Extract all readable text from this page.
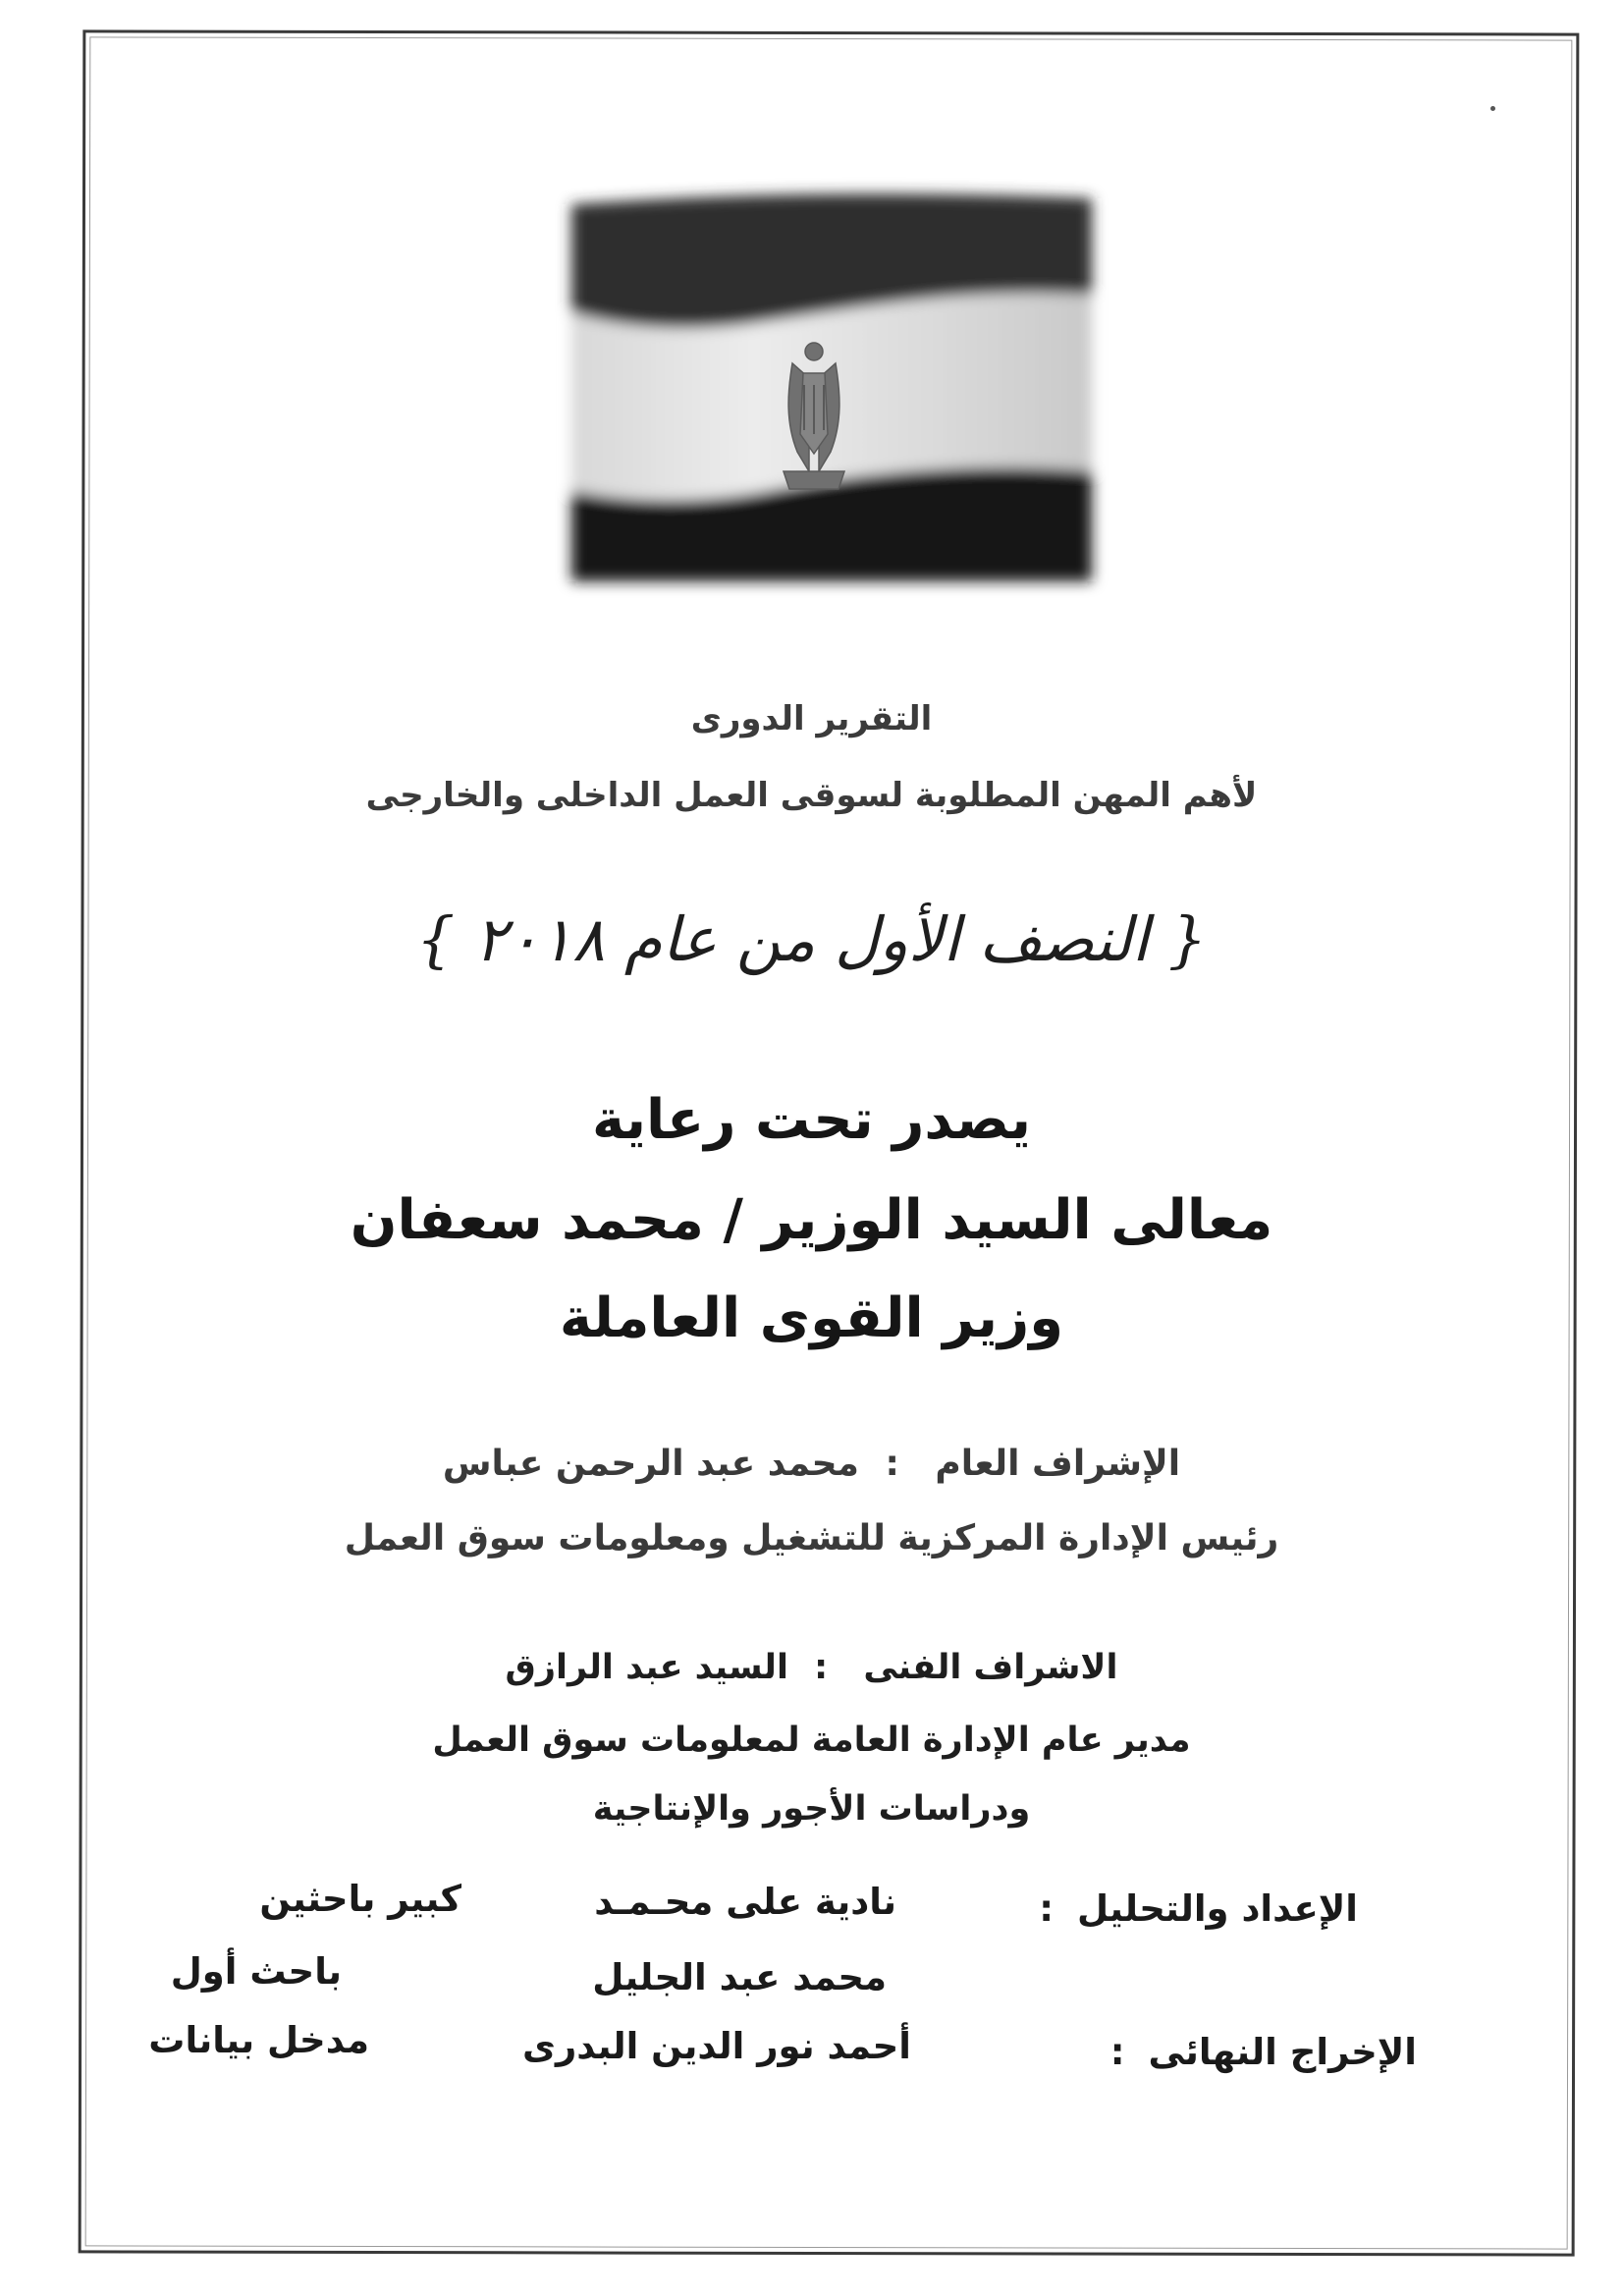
التقرير الدورى

لأهم المهن المطلوبة لسوقى العمل الداخلى والخارجى

{ النصف الأول من عام ٢٠١٨ }

يصدر تحت رعاية

معالى السيد الوزير / محمد سعفان

وزير القوى العاملة

الإشراف العام : محمد عبد الرحمن عباس

رئيس الإدارة المركزية للتشغيل ومعلومات سوق العمل

الاشراف الفنى : السيد عبد الرازق

مدير عام الإدارة العامة لمعلومات سوق العمل

ودراسات الأجور والإنتاجية

الإعداد والتحليل:
الإخراج النهائى:
نادية على محـمـد
محمد عبد الجليل
أحمد نور الدين البدرى
كبير باحثين
باحث أول
مدخل بيانات
